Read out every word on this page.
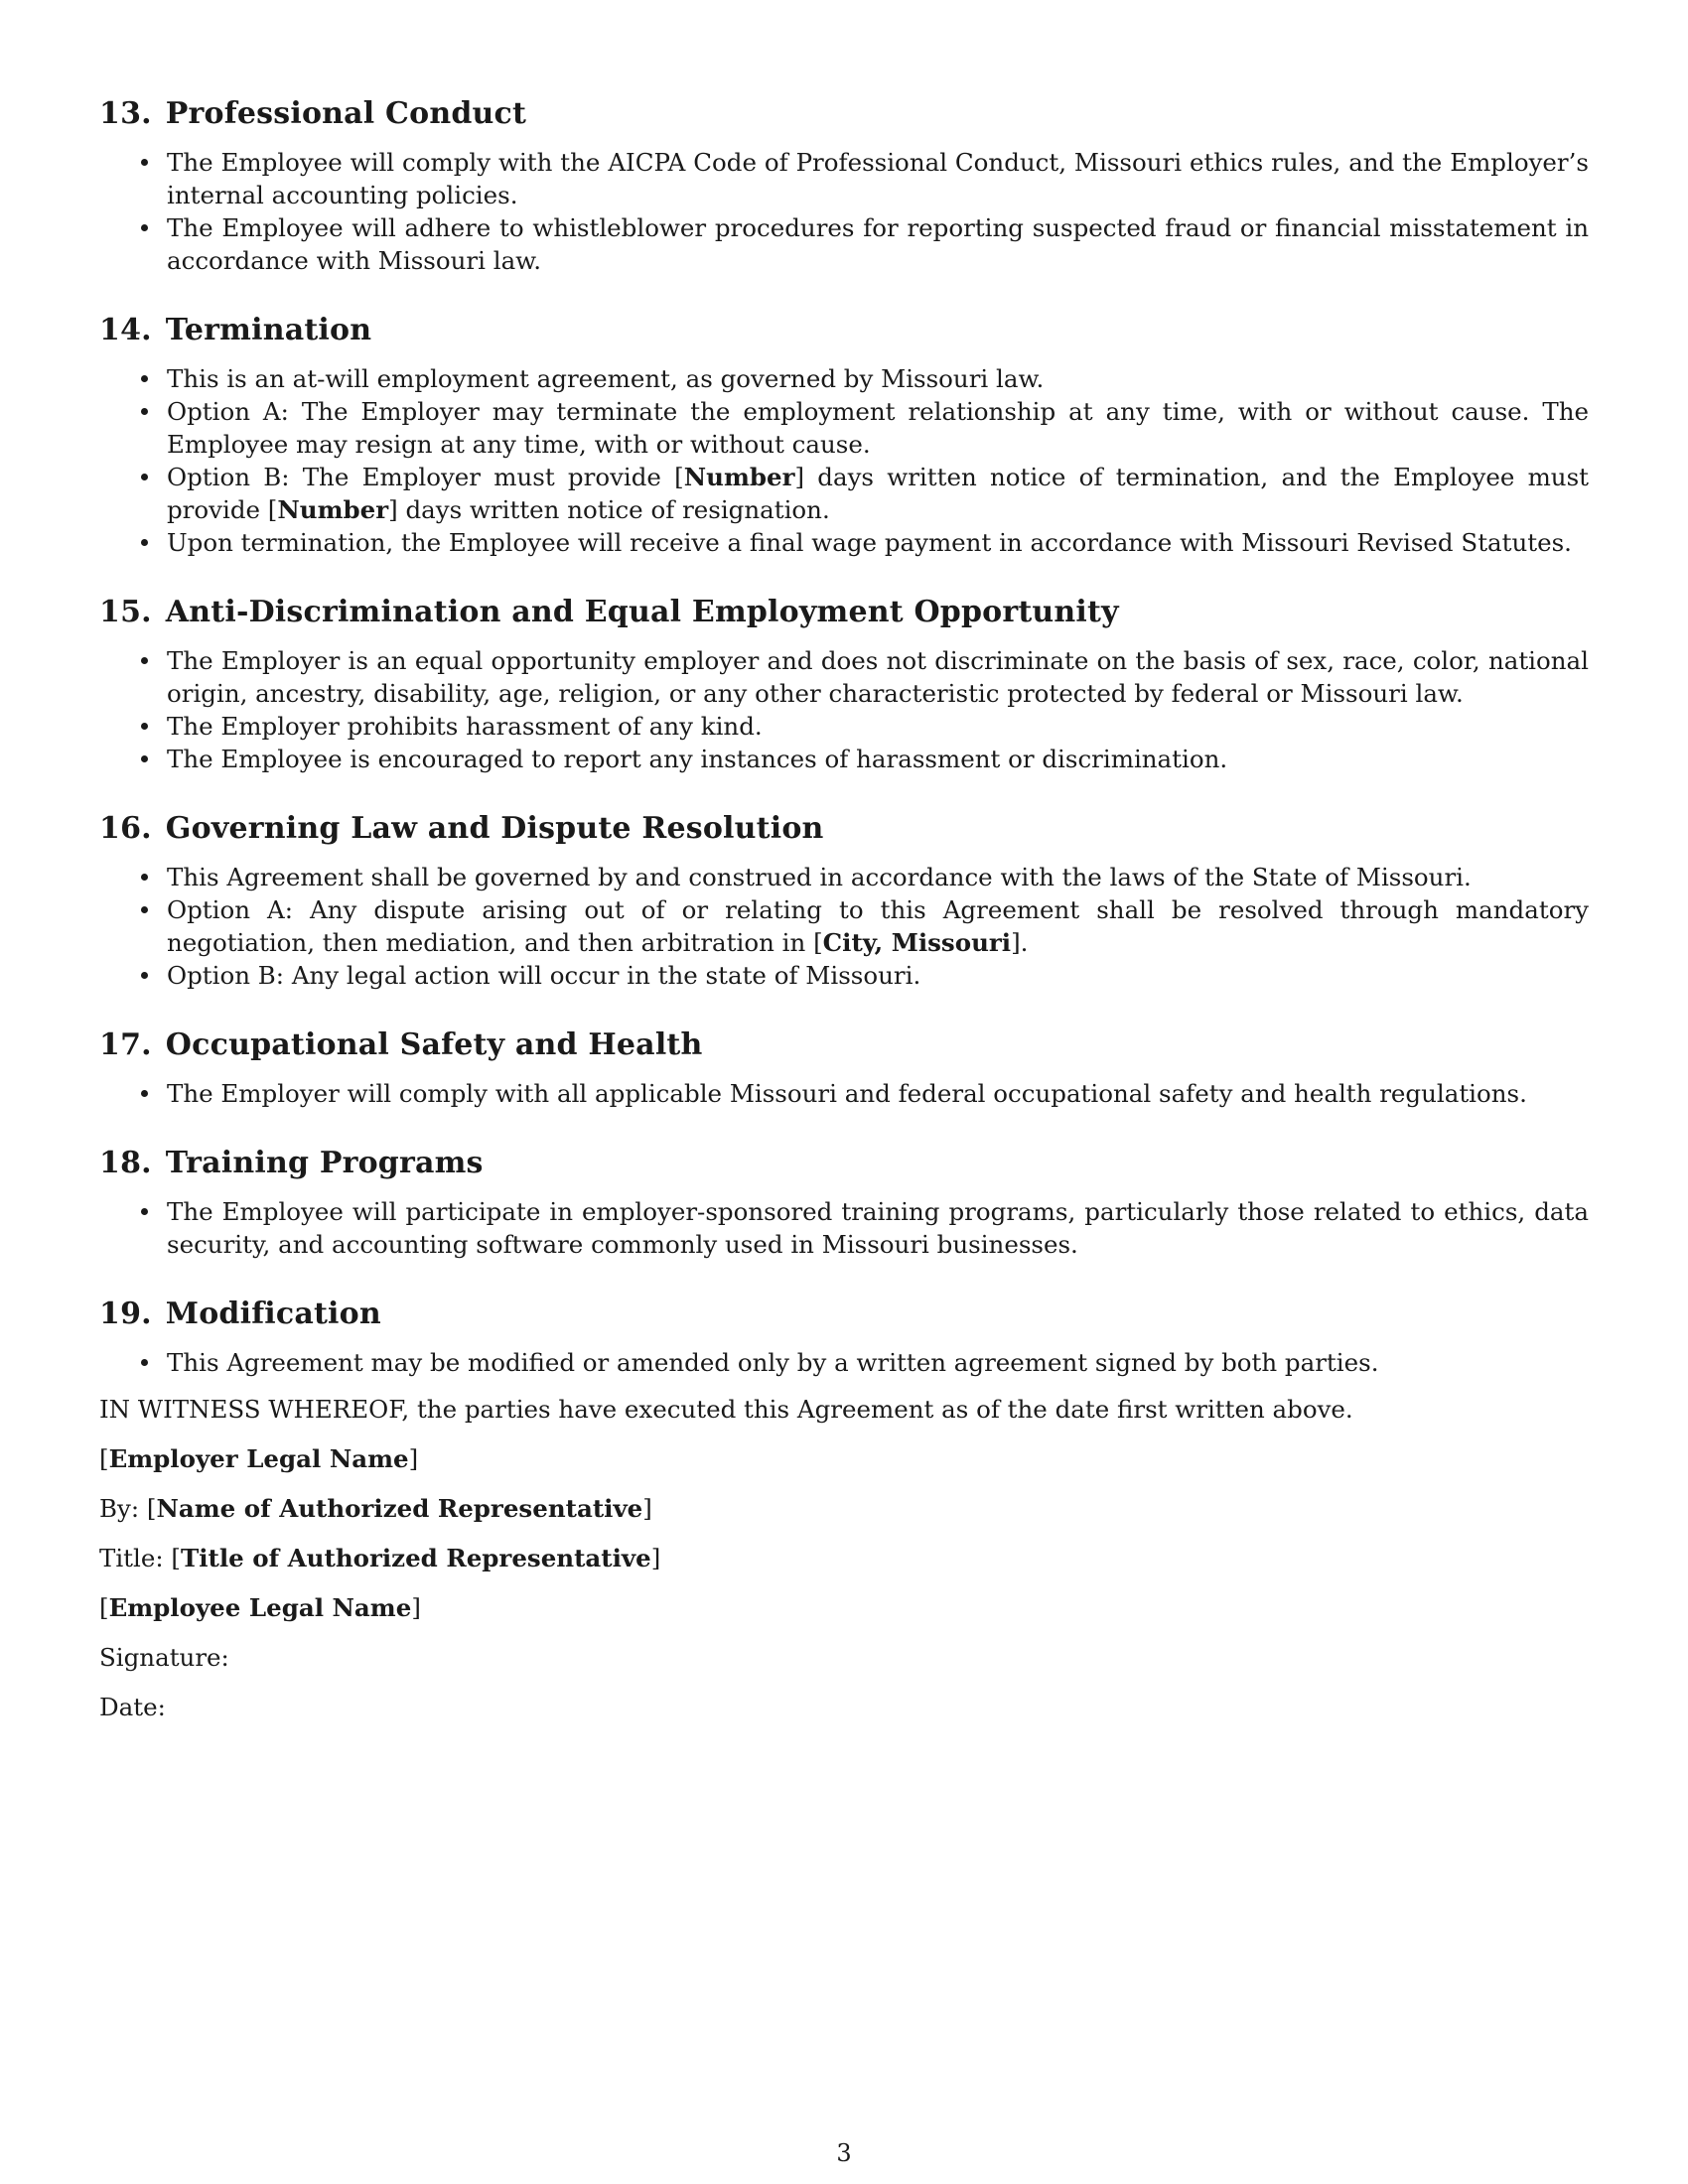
13. Professional Conduct
The Employee will comply with the AICPA Code of Professional Conduct, Missouri ethics rules, and the Employer’s internal accounting policies.
The Employee will adhere to whistleblower procedures for reporting suspected fraud or financial misstatement in accordance with Missouri law.
14. Termination
This is an at-will employment agreement, as governed by Missouri law.
Option A: The Employer may terminate the employment relationship at any time, with or without cause. The Employee may resign at any time, with or without cause.
Option B: The Employer must provide [Number] days written notice of termination, and the Employee must provide [Number] days written notice of resignation.
Upon termination, the Employee will receive a final wage payment in accordance with Missouri Revised Statutes.
15. Anti-Discrimination and Equal Employment Opportunity
The Employer is an equal opportunity employer and does not discriminate on the basis of sex, race, color, national origin, ancestry, disability, age, religion, or any other characteristic protected by federal or Missouri law.
The Employer prohibits harassment of any kind.
The Employee is encouraged to report any instances of harassment or discrimination.
16. Governing Law and Dispute Resolution
This Agreement shall be governed by and construed in accordance with the laws of the State of Missouri.
Option A: Any dispute arising out of or relating to this Agreement shall be resolved through mandatory negotiation, then mediation, and then arbitration in [City, Missouri].
Option B: Any legal action will occur in the state of Missouri.
17. Occupational Safety and Health
The Employer will comply with all applicable Missouri and federal occupational safety and health regulations.
18. Training Programs
The Employee will participate in employer-sponsored training programs, particularly those related to ethics, data security, and accounting software commonly used in Missouri businesses.
19. Modification
This Agreement may be modified or amended only by a written agreement signed by both parties.

IN WITNESS WHEREOF, the parties have executed this Agreement as of the date first written above.

[Employer Legal Name]

By: [Name of Authorized Representative]

Title: [Title of Authorized Representative]

[Employee Legal Name]

Signature:

Date:

3
